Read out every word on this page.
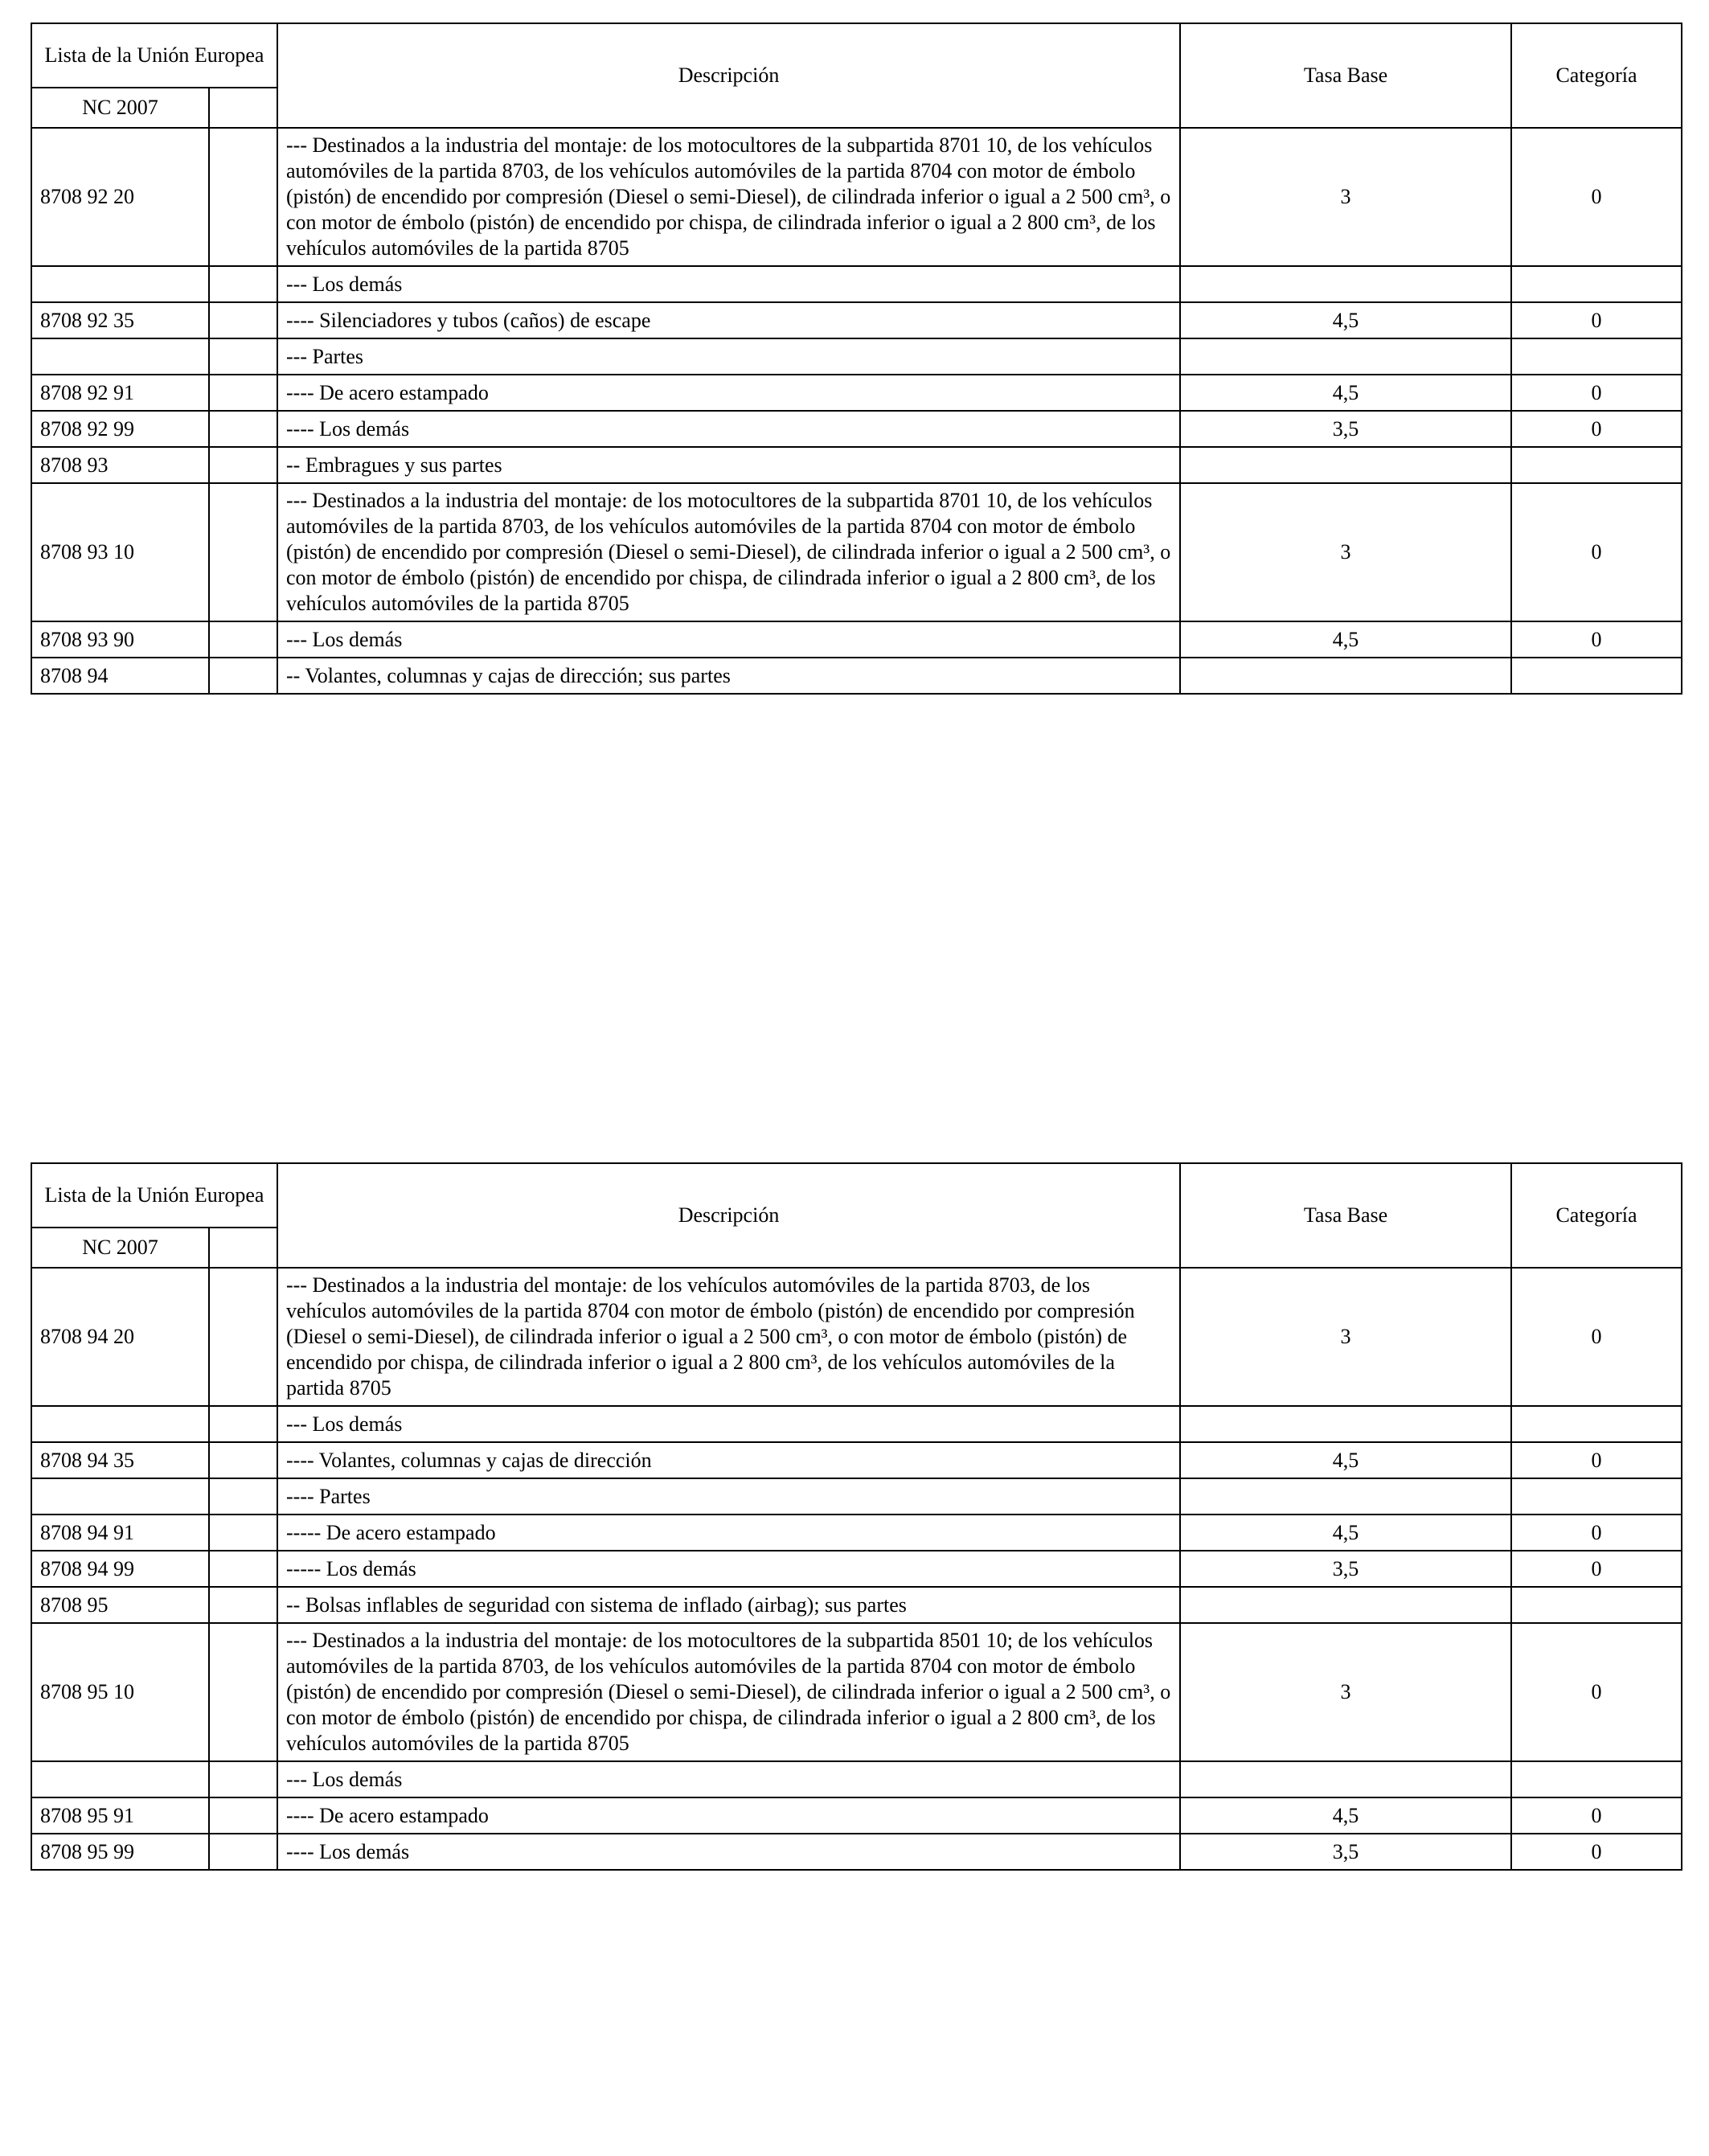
Lista de la Unión Europea		Descripción	Tasa Base	Categoría
NC 2007				
8708 92 20		--- Destinados a la industria del montaje: de los motocultores de la subpartida 8701 10, de los vehículos automóviles de la partida 8703, de los vehículos automóviles de la partida 8704 con motor de émbolo (pistón) de encendido por compresión (Diesel o semi-Diesel), de cilindrada inferior o igual a 2 500 cm³, o con motor de émbolo (pistón) de encendido por chispa, de cilindrada inferior o igual a 2 800 cm³, de los vehículos automóviles de la partida 8705	3	0
		--- Los demás		
8708 92 35		---- Silenciadores y tubos (caños) de escape	4,5	0
		--- Partes		
8708 92 91		---- De acero estampado	4,5	0
8708 92 99		---- Los demás	3,5	0
8708 93		-- Embragues y sus partes		
8708 93 10		--- Destinados a la industria del montaje: de los motocultores de la subpartida 8701 10, de los vehículos automóviles de la partida 8703, de los vehículos automóviles de la partida 8704 con motor de émbolo (pistón) de encendido por compresión (Diesel o semi-Diesel), de cilindrada inferior o igual a 2 500 cm³, o con motor de émbolo (pistón) de encendido por chispa, de cilindrada inferior o igual a 2 800 cm³, de los vehículos automóviles de la partida 8705	3	0
8708 93 90		--- Los demás	4,5	0
8708 94		-- Volantes, columnas y cajas de dirección; sus partes		
Lista de la Unión Europea		Descripción	Tasa Base	Categoría
NC 2007				
8708 94 20		--- Destinados a la industria del montaje: de los vehículos automóviles de la partida 8703, de los vehículos automóviles de la partida 8704 con motor de émbolo (pistón) de encendido por compresión (Diesel o semi-Diesel), de cilindrada inferior o igual a 2 500 cm³, o con motor de émbolo (pistón) de encendido por chispa, de cilindrada inferior o igual a 2 800 cm³, de los vehículos automóviles de la partida 8705	3	0
		--- Los demás		
8708 94 35		---- Volantes, columnas y cajas de dirección	4,5	0
		---- Partes		
8708 94 91		----- De acero estampado	4,5	0
8708 94 99		----- Los demás	3,5	0
8708 95		-- Bolsas inflables de seguridad con sistema de inflado (airbag); sus partes		
8708 95 10		--- Destinados a la industria del montaje: de los motocultores de la subpartida 8501 10; de los vehículos automóviles de la partida 8703, de los vehículos automóviles de la partida 8704 con motor de émbolo (pistón) de encendido por compresión (Diesel o semi-Diesel), de cilindrada inferior o igual a 2 500 cm³, o con motor de émbolo (pistón) de encendido por chispa, de cilindrada inferior o igual a 2 800 cm³, de los vehículos automóviles de la partida 8705	3	0
		--- Los demás		
8708 95 91		---- De acero estampado	4,5	0
8708 95 99		---- Los demás	3,5	0
